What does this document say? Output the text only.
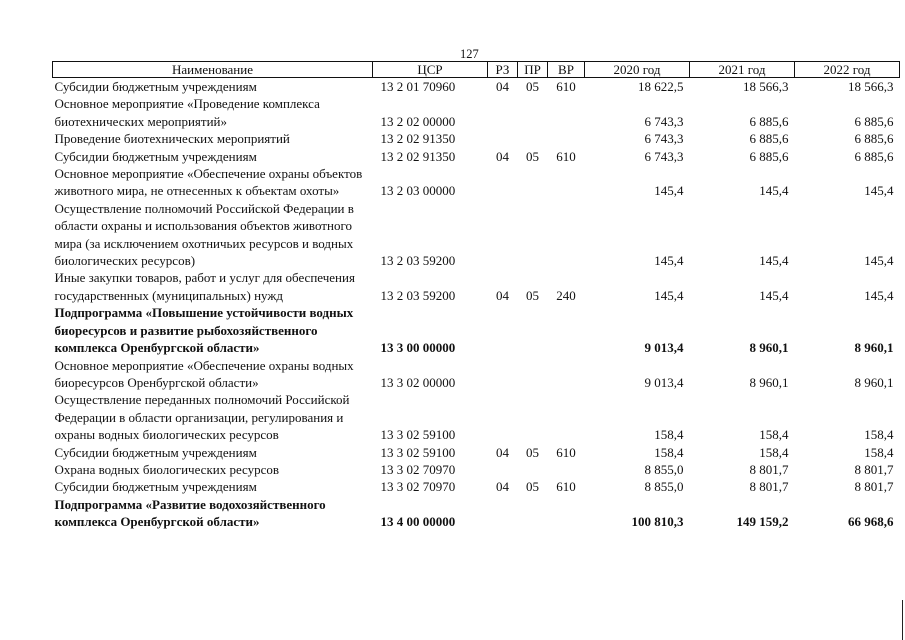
127
Наименование	ЦСР	РЗ	ПР	ВР	2020 год	2021 год	2022 год
Субсидии бюджетным учреждениям	13 2 01 70960	04	05	610	18 622,5	18 566,3	18 566,3
Основное мероприятие «Проведение комплекса биотехнических мероприятий»	13 2 02 00000				6 743,3	6 885,6	6 885,6
Проведение биотехнических мероприятий	13 2 02 91350				6 743,3	6 885,6	6 885,6
Субсидии бюджетным учреждениям	13 2 02 91350	04	05	610	6 743,3	6 885,6	6 885,6
Основное мероприятие «Обеспечение охраны объектов животного мира, не отнесенных к объектам охоты»	13 2 03 00000				145,4	145,4	145,4
Осуществление полномочий Российской Федерации в области охраны и использования объектов животного мира (за исключением охотничьих ресурсов и водных биологических ресурсов)	13 2 03 59200				145,4	145,4	145,4
Иные закупки товаров, работ и услуг для обеспечения государственных (муниципальных) нужд	13 2 03 59200	04	05	240	145,4	145,4	145,4
Подпрограмма «Повышение устойчивости водных биоресурсов и развитие рыбохозяйственного комплекса Оренбургской области»	13 3 00 00000				9 013,4	8 960,1	8 960,1
Основное мероприятие «Обеспечение охраны водных биоресурсов Оренбургской области»	13 3 02 00000				9 013,4	8 960,1	8 960,1
Осуществление переданных полномочий Российской Федерации в области организации, регулирования и охраны водных биологических ресурсов	13 3 02 59100				158,4	158,4	158,4
Субсидии бюджетным учреждениям	13 3 02 59100	04	05	610	158,4	158,4	158,4
Охрана водных биологических ресурсов	13 3 02 70970				8 855,0	8 801,7	8 801,7
Субсидии бюджетным учреждениям	13 3 02 70970	04	05	610	8 855,0	8 801,7	8 801,7
Подпрограмма «Развитие водохозяйственного комплекса Оренбургской области»	13 4 00 00000				100 810,3	149 159,2	66 968,6
